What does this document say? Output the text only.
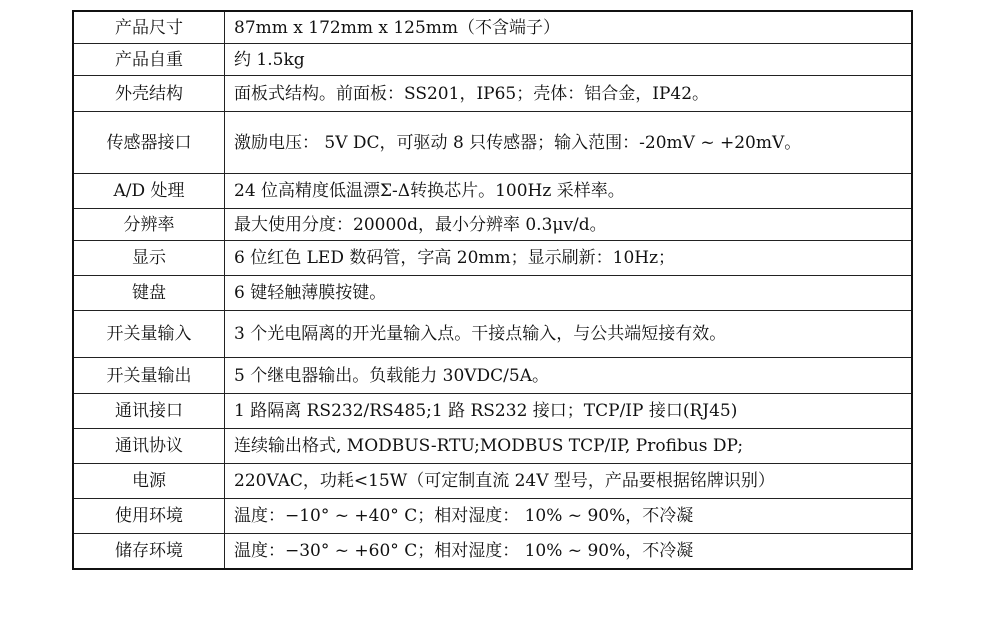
产品尺寸	87mm x 172mm x 125mm（不含端子）
产品自重	约 1.5kg
外壳结构	面板式结构。前面板：SS201，IP65；壳体：铝合金，IP42。
传感器接口	激励电压： 5V DC，可驱动 8 只传感器；输入范围：-20mV ~ +20mV。
A/D 处理	24 位高精度低温漂Σ-Δ转换芯片。100Hz 采样率。
分辨率	最大使用分度：20000d，最小分辨率 0.3μv/d。
显示	6 位红色 LED 数码管，字高 20mm；显示刷新：10Hz；
键盘	6 键轻触薄膜按键。
开关量输入	3 个光电隔离的开光量输入点。干接点输入，与公共端短接有效。
开关量输出	5 个继电器输出。负载能力 30VDC/5A。
通讯接口	1 路隔离 RS232/RS485;1 路 RS232 接口；TCP/IP 接口(RJ45)
通讯协议	连续输出格式, MODBUS-RTU;MODBUS TCP/IP, Profibus DP;
电源	220VAC，功耗<15W（可定制直流 24V 型号，产品要根据铭牌识别）
使用环境	温度：−10° ~ +40° C；相对湿度： 10% ~ 90%，不冷凝
储存环境	温度：−30° ~ +60° C；相对湿度： 10% ~ 90%，不冷凝
